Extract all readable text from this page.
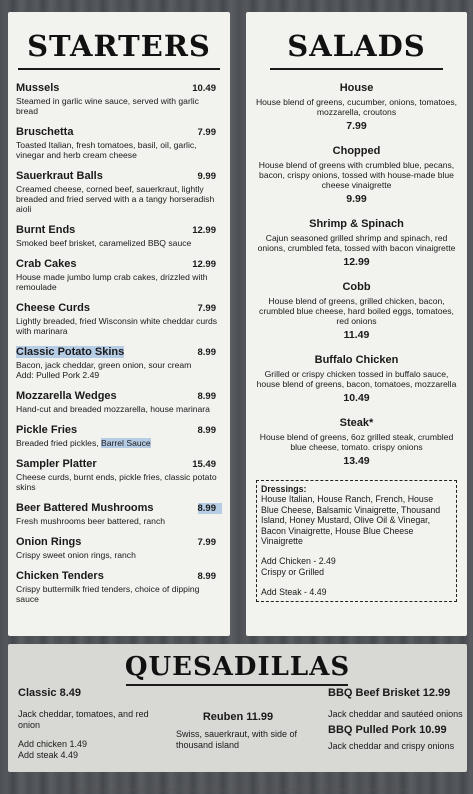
STARTERS
Mussels	10.49
Steamed in garlic wine sauce, served with garlic bread
Bruschetta	7.99
Toasted Italian, fresh tomatoes, basil, oil, garlic, vinegar and herb cream cheese
Sauerkraut Balls	9.99
Creamed cheese, corned beef, sauerkraut, lightly breaded and fried served with a a tangy horseradish aioli
Burnt Ends	12.99
Smoked beef brisket, caramelized BBQ sauce
Crab Cakes	12.99
House made jumbo lump crab cakes, drizzled with remoulade
Cheese Curds	7.99
Lightly breaded, fried Wisconsin white cheddar curds with marinara
Classic Potato Skins	8.99
Bacon, jack cheddar, green onion, sour cream
Add: Pulled Pork 2.49
Mozzarella Wedges	8.99
Hand-cut and breaded mozzarella, house marinara
Pickle Fries	8.99
Breaded fried pickles, Barrel Sauce
Sampler Platter	15.49
Cheese curds, burnt ends, pickle fries, classic potato skins
Beer Battered Mushrooms	8.99
Fresh mushrooms beer battered, ranch
Onion Rings	7.99
Crispy sweet onion rings, ranch
Chicken Tenders	8.99
Crispy buttermilk fried tenders, choice of dipping sauce
SALADS
House
House blend of greens, cucumber, onions, tomatoes, mozzarella, croutons
7.99
Chopped
House blend of greens with crumbled blue, pecans, bacon, crispy onions, tossed with house-made blue cheese vinaigrette
9.99
Shrimp & Spinach
Cajun seasoned grilled shrimp and spinach, red onions, crumbled feta, tossed with bacon vinaigrette
12.99
Cobb
House blend of greens, grilled chicken, bacon, crumbled blue cheese, hard boiled eggs, tomatoes, red onions
11.49
Buffalo Chicken
Grilled or crispy chicken tossed in buffalo sauce, house blend of greens, bacon, tomatoes, mozzarella
10.49
Steak*
House blend of greens, 6oz grilled steak, crumbled blue cheese, tomato. crispy onions
13.49
Dressings:
House Italian, House Ranch, French, House Blue Cheese, Balsamic Vinaigrette, Thousand Island, Honey Mustard, Olive Oil & Vinegar, Bacon Vinaigrette, House Blue Cheese Vinaigrette
Add Chicken - 2.49
Crispy or Grilled
Add Steak - 4.49
QUESADILLAS
Classic 8.49
Jack cheddar, tomatoes, and red onion
Add chicken 1.49
Add steak 4.49
Reuben 11.99
Swiss, sauerkraut, with side of thousand island
BBQ Beef Brisket 12.99
Jack cheddar and sautéed onions
BBQ Pulled Pork 10.99
Jack cheddar and crispy onions
*Consuming raw or undercooked meat, shellfish, poultry, seafood or eggs may increase your risk of food-borne illness. We recommend medium well on all breaded items
